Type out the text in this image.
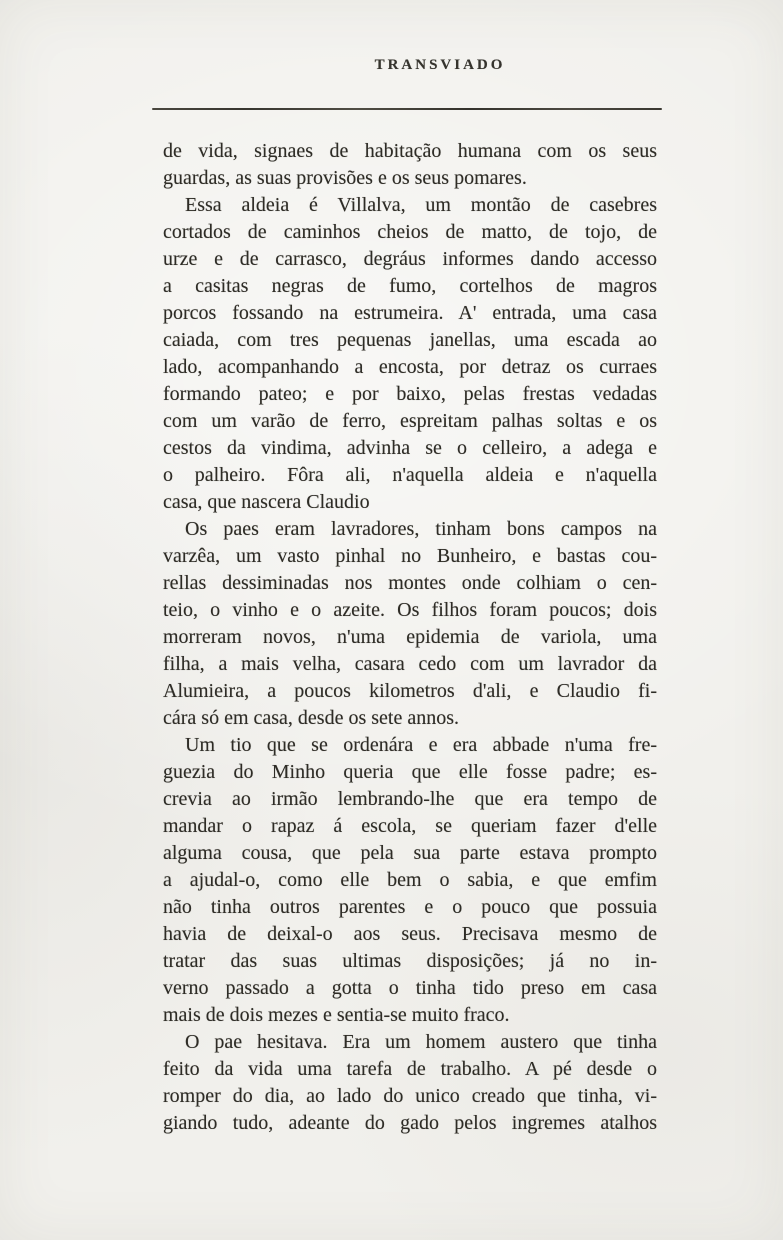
TRANSVIADO
de vida, signaes de habitação humana com os seus
guardas, as suas provisões e os seus pomares.
Essa aldeia é Villalva, um montão de casebres
cortados de caminhos cheios de matto, de tojo, de
urze e de carrasco, degráus informes dando accesso
a casitas negras de fumo, cortelhos de magros
porcos fossando na estrumeira. A' entrada, uma casa
caiada, com tres pequenas janellas, uma escada ao
lado, acompanhando a encosta, por detraz os curraes
formando pateo; e por baixo, pelas frestas vedadas
com um varão de ferro, espreitam palhas soltas e os
cestos da vindima, advinha se o celleiro, a adega e
o palheiro. Fôra ali, n'aquella aldeia e n'aquella
casa, que nascera Claudio
Os paes eram lavradores, tinham bons campos na
varzêa, um vasto pinhal no Bunheiro, e bastas cou-
rellas dessiminadas nos montes onde colhiam o cen-
teio, o vinho e o azeite. Os filhos foram poucos; dois
morreram novos, n'uma epidemia de variola, uma
filha, a mais velha, casara cedo com um lavrador da
Alumieira, a poucos kilometros d'ali, e Claudio fi-
cára só em casa, desde os sete annos.
Um tio que se ordenára e era abbade n'uma fre-
guezia do Minho queria que elle fosse padre; es-
crevia ao irmão lembrando-lhe que era tempo de
mandar o rapaz á escola, se queriam fazer d'elle
alguma cousa, que pela sua parte estava prompto
a ajudal-o, como elle bem o sabia, e que emfim
não tinha outros parentes e o pouco que possuia
havia de deixal-o aos seus. Precisava mesmo de
tratar das suas ultimas disposições; já no in-
verno passado a gotta o tinha tido preso em casa
mais de dois mezes e sentia-se muito fraco.
O pae hesitava. Era um homem austero que tinha
feito da vida uma tarefa de trabalho. A pé desde o
romper do dia, ao lado do unico creado que tinha, vi-
giando tudo, adeante do gado pelos ingremes atalhos
